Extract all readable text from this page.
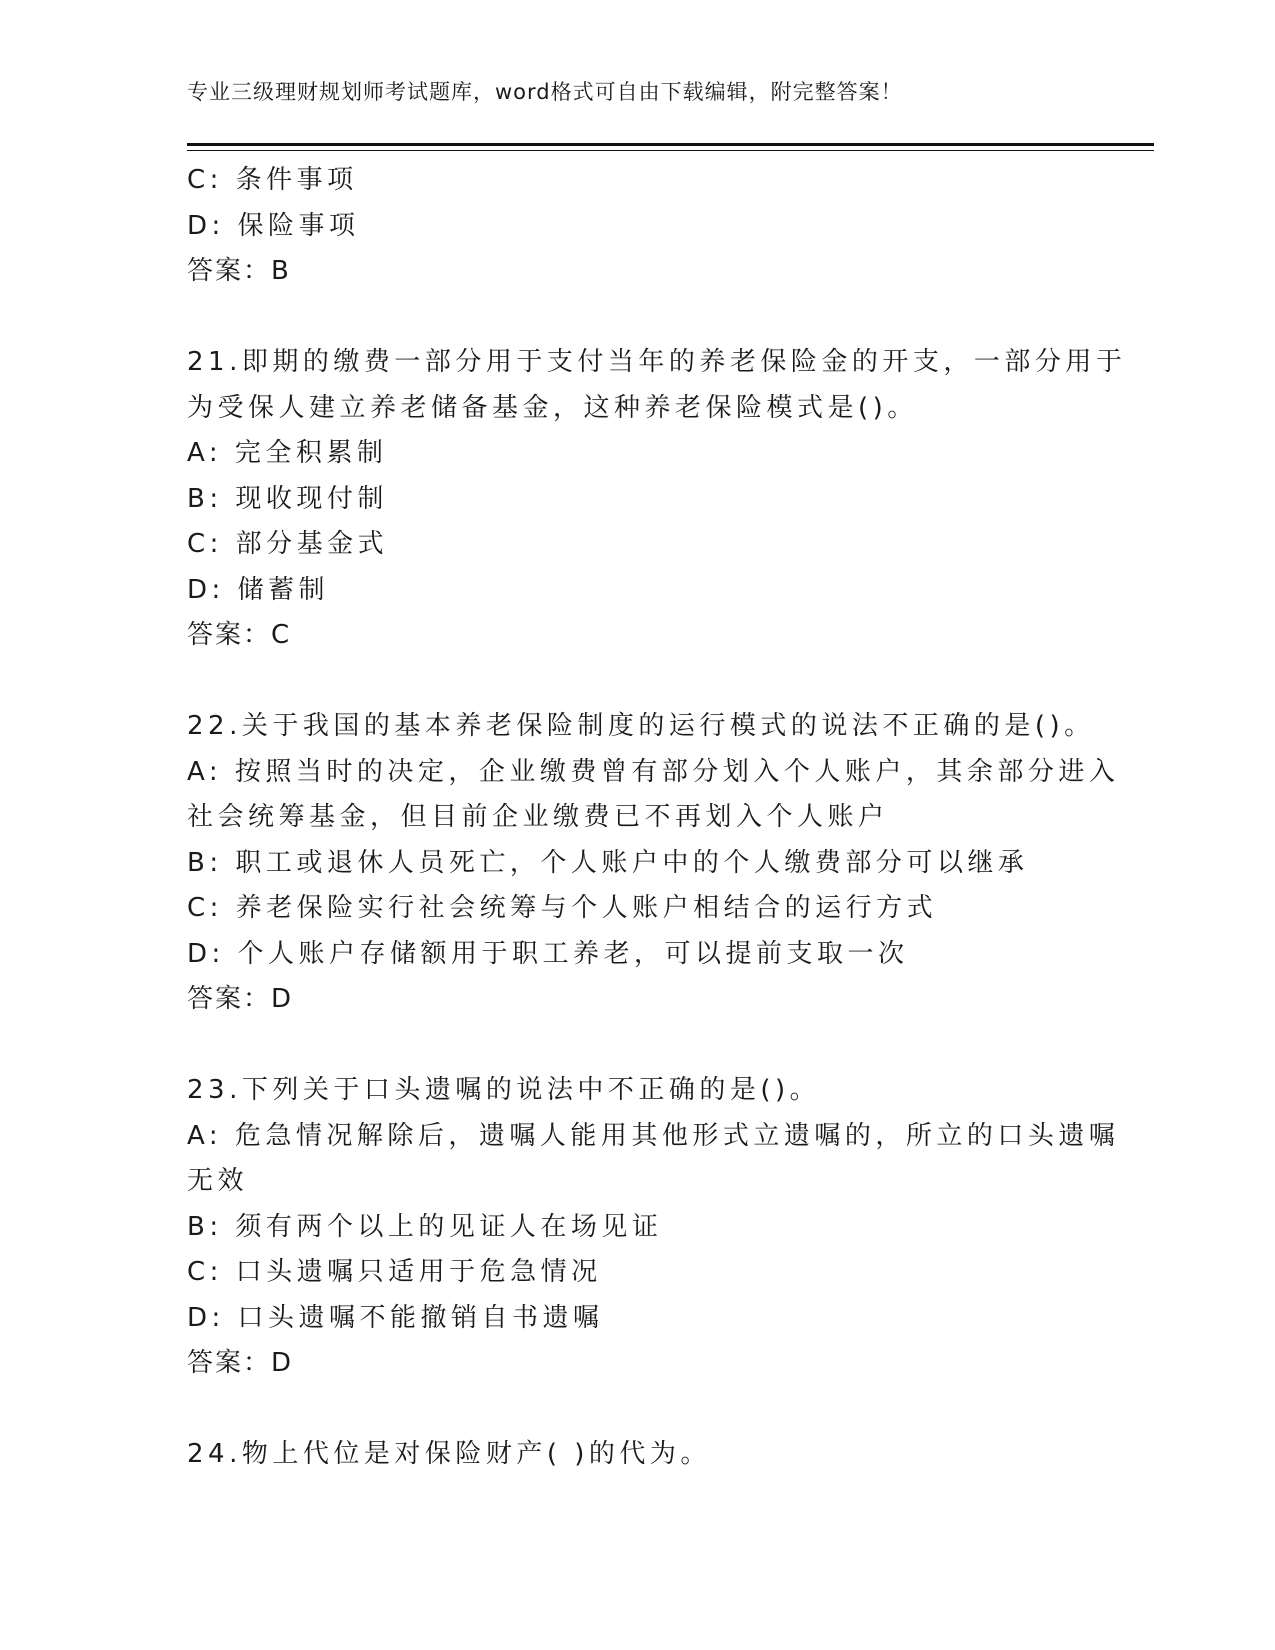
专业三级理财规划师考试题库，word格式可自由下载编辑，附完整答案！
C: 条件事项
D: 保险事项
答案：B
21.即期的缴费一部分用于支付当年的养老保险金的开支，一部分用于
为受保人建立养老储备基金，这种养老保险模式是()。
A: 完全积累制
B: 现收现付制
C: 部分基金式
D: 储蓄制
答案：C
22.关于我国的基本养老保险制度的运行模式的说法不正确的是()。
A: 按照当时的决定，企业缴费曾有部分划入个人账户，其余部分进入
社会统筹基金，但目前企业缴费已不再划入个人账户
B: 职工或退休人员死亡，个人账户中的个人缴费部分可以继承
C: 养老保险实行社会统筹与个人账户相结合的运行方式
D: 个人账户存储额用于职工养老，可以提前支取一次
答案：D
23.下列关于口头遗嘱的说法中不正确的是()。
A: 危急情况解除后，遗嘱人能用其他形式立遗嘱的，所立的口头遗嘱
无效
B: 须有两个以上的见证人在场见证
C: 口头遗嘱只适用于危急情况
D: 口头遗嘱不能撤销自书遗嘱
答案：D
24.物上代位是对保险财产( )的代为。
